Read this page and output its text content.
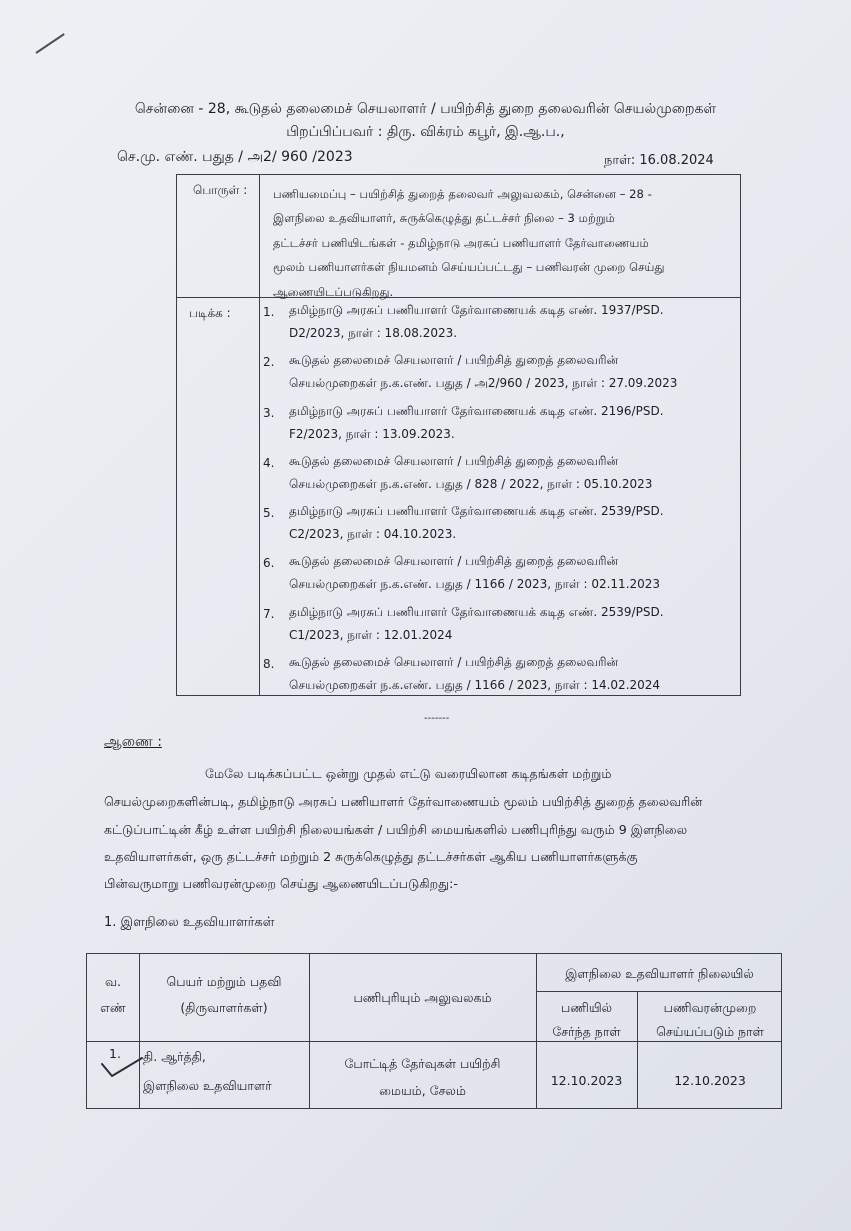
சென்னை - 28, கூடுதல் தலைமைச் செயலாளர் / பயிற்சித் துறை தலைவரின் செயல்முறைகள்
பிறப்பிப்பவர் : திரு. விக்ரம் கபூர், இ.ஆ.ப.,
செ.மு. எண். பதுத / அ2/ 960 /2023	நாள்: 16.08.2024
பொருள் :
படிக்க :
பணியமைப்பு – பயிற்சித் துறைத் தலைவர் அலுவலகம், சென்னை – 28 -
இளநிலை உதவியாளர், சுருக்கெழுத்து தட்டச்சர் நிலை – 3 மற்றும்
தட்டச்சர் பணியிடங்கள் - தமிழ்நாடு அரசுப் பணியாளர் தேர்வாணையம்
மூலம் பணியாளர்கள் நியமனம் செய்யப்பட்டது – பணிவரன் முறை செய்து
ஆணையிடப்படுகிறது.
1. தமிழ்நாடு அரசுப் பணியாளர் தேர்வாணையக் கடித எண். 1937/PSD.
D2/2023, நாள் : 18.08.2023.
2. கூடுதல் தலைமைச் செயலாளர் / பயிற்சித் துறைத் தலைவரின்
செயல்முறைகள் ந.க.எண். பதுத / அ2/960 / 2023, நாள் : 27.09.2023
3. தமிழ்நாடு அரசுப் பணியாளர் தேர்வாணையக் கடித எண். 2196/PSD.
F2/2023, நாள் : 13.09.2023.
4. கூடுதல் தலைமைச் செயலாளர் / பயிற்சித் துறைத் தலைவரின்
செயல்முறைகள் ந.க.எண். பதுத / 828 / 2022, நாள் : 05.10.2023
5. தமிழ்நாடு அரசுப் பணியாளர் தேர்வாணையக் கடித எண். 2539/PSD.
C2/2023, நாள் : 04.10.2023.
6. கூடுதல் தலைமைச் செயலாளர் / பயிற்சித் துறைத் தலைவரின்
செயல்முறைகள் ந.க.எண். பதுத / 1166 / 2023, நாள் : 02.11.2023
7. தமிழ்நாடு அரசுப் பணியாளர் தேர்வாணையக் கடித எண். 2539/PSD.
C1/2023, நாள் : 12.01.2024
8. கூடுதல் தலைமைச் செயலாளர் / பயிற்சித் துறைத் தலைவரின்
செயல்முறைகள் ந.க.எண். பதுத / 1166 / 2023, நாள் : 14.02.2024
-------
ஆணை :
மேலே படிக்கப்பட்ட ஒன்று முதல் எட்டு வரையிலான கடிதங்கள் மற்றும்
செயல்முறைகளின்படி, தமிழ்நாடு அரசுப் பணியாளர் தேர்வாணையம் மூலம் பயிற்சித் துறைத் தலைவரின்
கட்டுப்பாட்டின் கீழ் உள்ள பயிற்சி நிலையங்கள் / பயிற்சி மையங்களில் பணிபுரிந்து வரும் 9 இளநிலை
உதவியாளர்கள், ஒரு தட்டச்சர் மற்றும் 2 சுருக்கெழுத்து தட்டச்சர்கள் ஆகிய பணியாளர்களுக்கு
பின்வருமாறு பணிவரன்முறை செய்து ஆணையிடப்படுகிறது:-
1. இளநிலை உதவியாளர்கள்
வ.
எண்
பெயர் மற்றும் பதவி
(திருவாளர்கள்)
பணிபுரியும் அலுவலகம்
இளநிலை உதவியாளர் நிலையில்
பணியில்
சேர்ந்த நாள்
பணிவரன்முறை
செய்யப்படும் நாள்
1. தி. ஆர்த்தி,
இளநிலை உதவியாளர்
போட்டித் தேர்வுகள் பயிற்சி
மையம், சேலம்
12.10.2023	12.10.2023
